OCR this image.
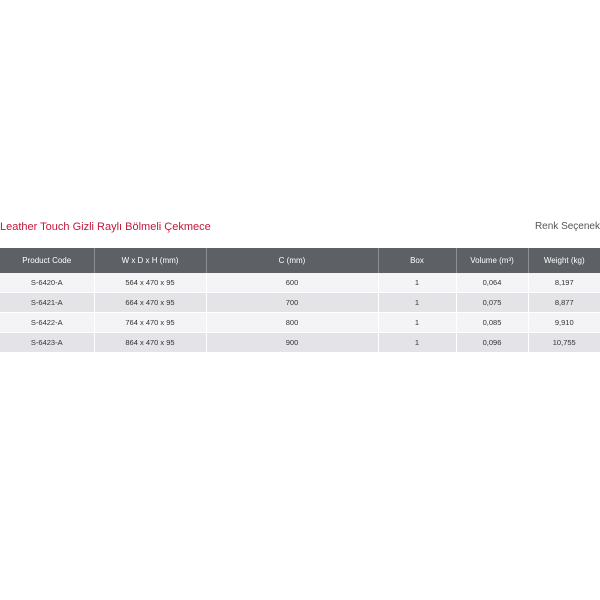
Leather Touch Gizli Raylı Bölmeli Çekmece	Renk Seçenek
Product Code	W x D x H (mm)	C (mm)	Box	Volume (m³)	Weight (kg)
S-6420-A	564 x 470 x 95	600	1	0,064	8,197
S-6421-A	664 x 470 x 95	700	1	0,075	8,877
S-6422-A	764 x 470 x 95	800	1	0,085	9,910
S-6423-A	864 x 470 x 95	900	1	0,096	10,755
